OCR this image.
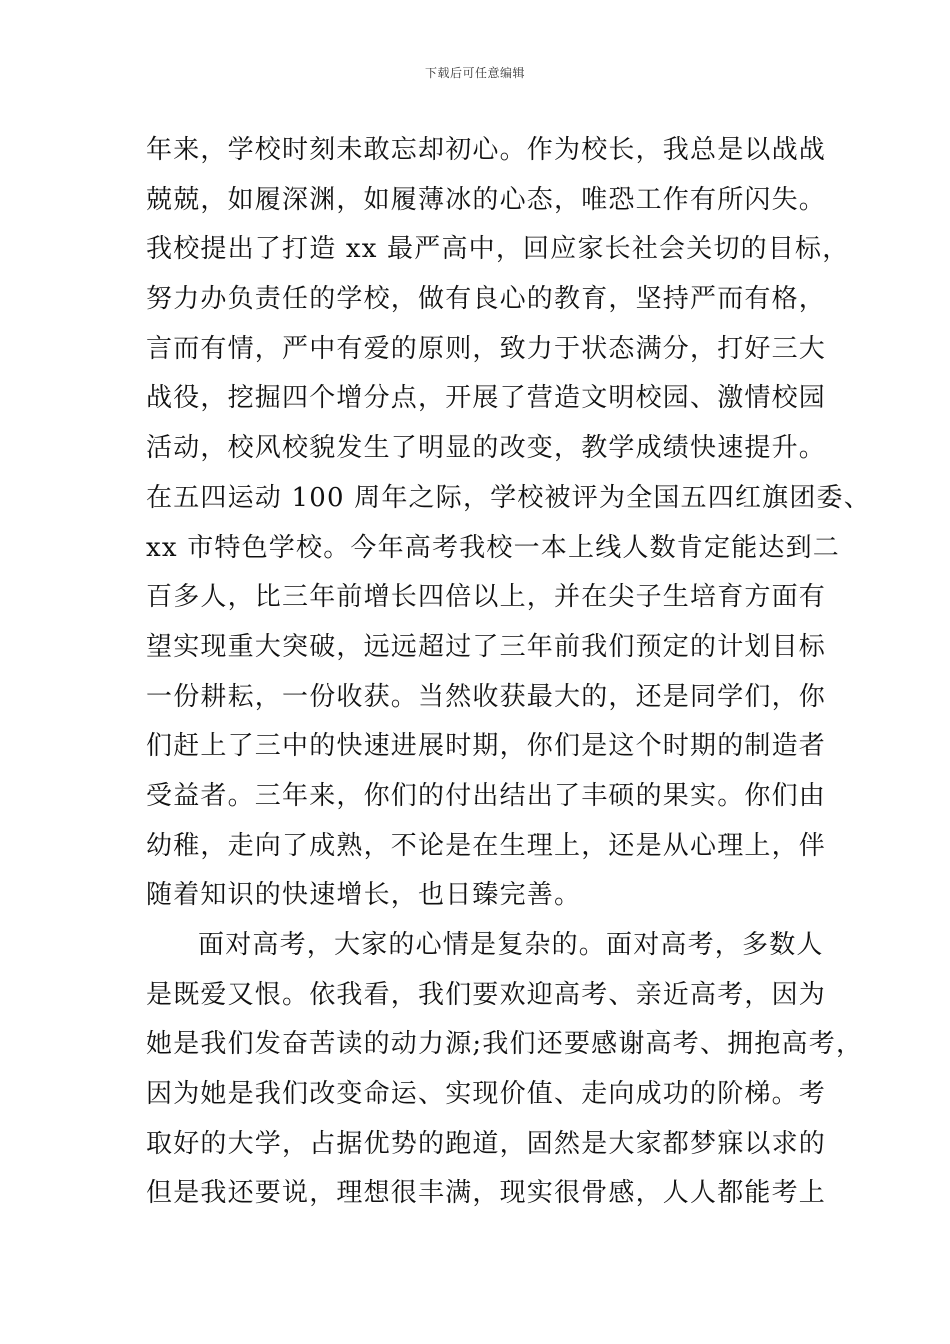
下载后可任意编辑
年来，学校时刻未敢忘却初心。作为校长，我总是以战战
兢兢，如履深渊，如履薄冰的心态，唯恐工作有所闪失。
我校提出了打造 xx 最严高中，回应家长社会关切的目标，
努力办负责任的学校，做有良心的教育，坚持严而有格，
言而有情，严中有爱的原则，致力于状态满分，打好三大
战役，挖掘四个增分点，开展了营造文明校园、激情校园
活动，校风校貌发生了明显的改变，教学成绩快速提升。
在五四运动 100 周年之际，学校被评为全国五四红旗团委、
xx 市特色学校。今年高考我校一本上线人数肯定能达到二
百多人，比三年前增长四倍以上，并在尖子生培育方面有
望实现重大突破，远远超过了三年前我们预定的计划目标
一份耕耘，一份收获。当然收获最大的，还是同学们，你
们赶上了三中的快速进展时期，你们是这个时期的制造者
受益者。三年来，你们的付出结出了丰硕的果实。你们由
幼稚，走向了成熟，不论是在生理上，还是从心理上，伴
随着知识的快速增长，也日臻完善。
面对高考，大家的心情是复杂的。面对高考，多数人
是既爱又恨。依我看，我们要欢迎高考、亲近高考，因为
她是我们发奋苦读的动力源;我们还要感谢高考、拥抱高考，
因为她是我们改变命运、实现价值、走向成功的阶梯。考
取好的大学，占据优势的跑道，固然是大家都梦寐以求的
但是我还要说，理想很丰满，现实很骨感，人人都能考上
